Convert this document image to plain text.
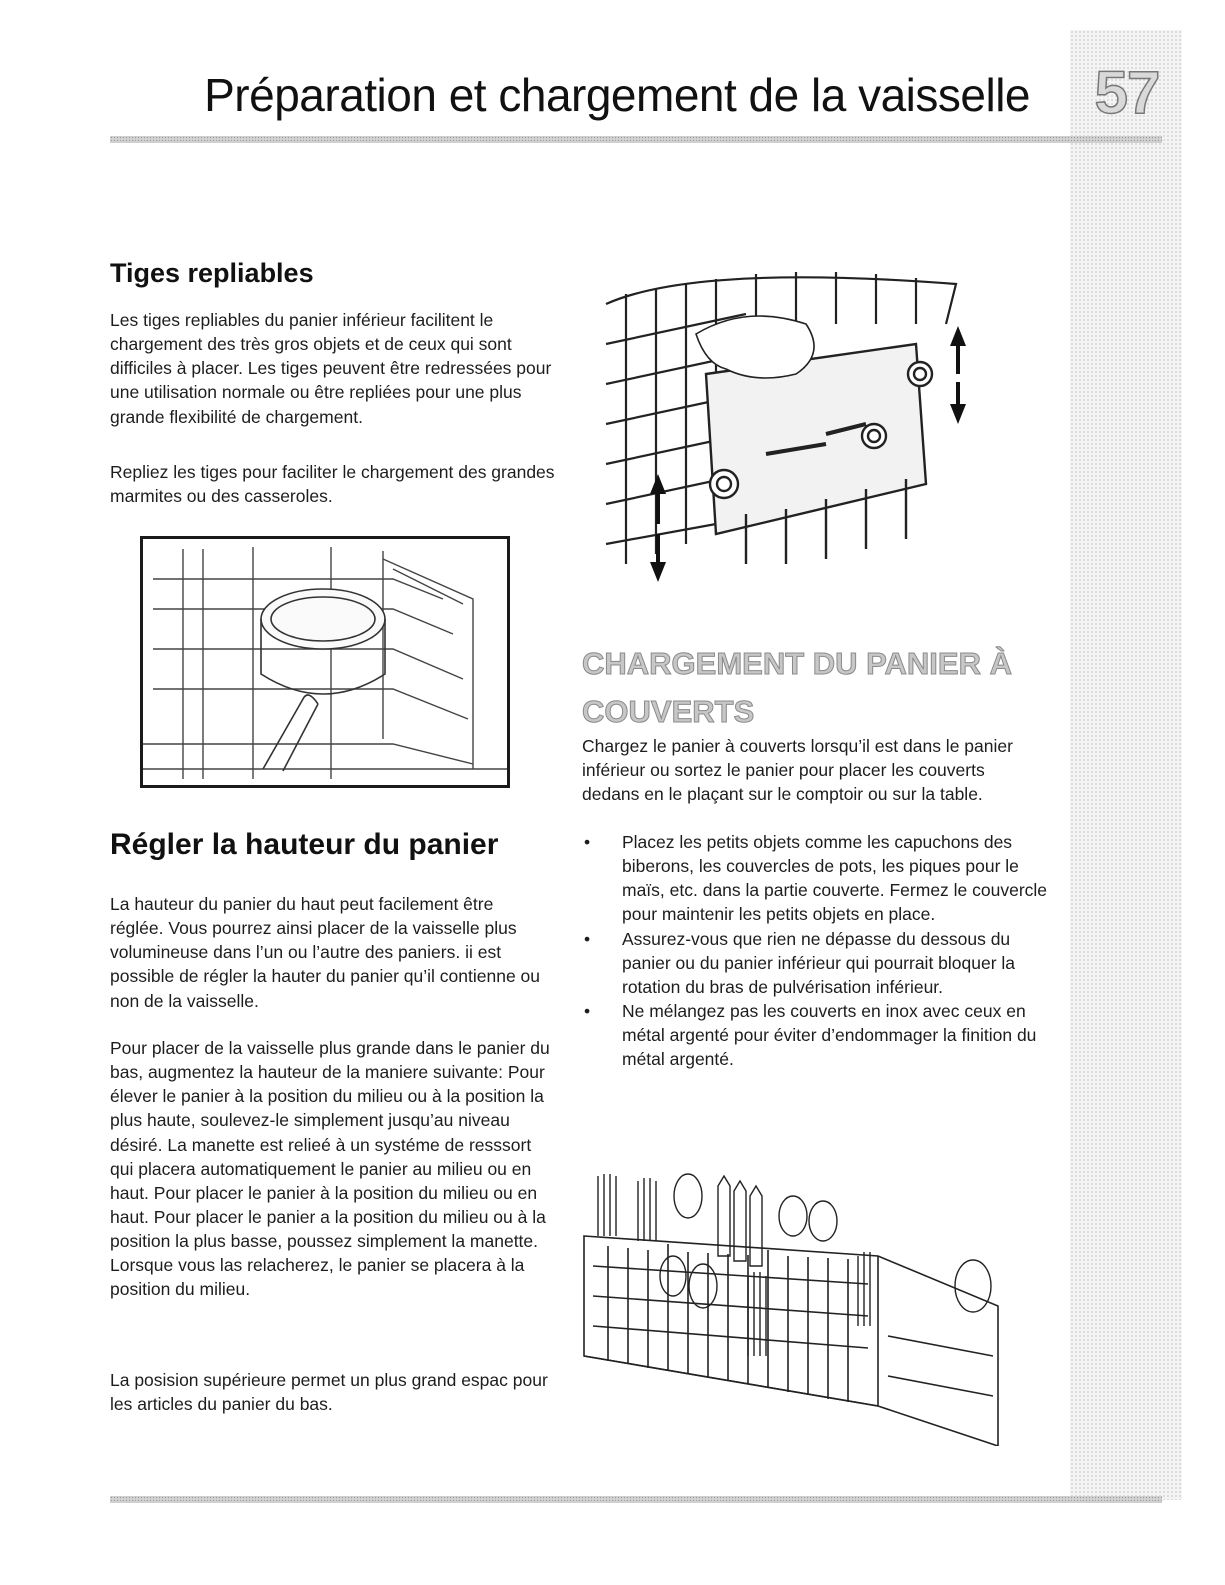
57
Préparation et chargement de la vaisselle
Tiges repliables

Les tiges repliables du panier inférieur facilitent le chargement des très gros objets et de ceux qui sont difficiles à placer. Les tiges peuvent être redressées pour une utilisation normale ou être repliées pour une plus grande flexibilité de chargement.

Repliez les tiges pour faciliter le chargement des grandes marmites ou des casseroles.

Régler la hauteur du panier

La hauteur du panier du haut peut facilement être réglée. Vous pourrez ainsi placer de la vaisselle plus volumineuse dans l’un ou l’autre des paniers. ii est possible de régler la hauter du panier qu’il contienne ou non de la vaisselle.

Pour placer de la vaisselle plus grande dans le panier du bas, augmentez la hauteur de la maniere suivante: Pour élever le panier à la position du milieu ou à la position la plus haute, soulevez-le simplement jusqu’au niveau désiré. La manette est relieé à un systéme de resssort qui placera automatiquement le panier au milieu ou en haut. Pour placer le panier à la position du milieu ou en haut. Pour placer le panier a la position du milieu ou à la position la plus basse, poussez simplement la manette. Lorsque vous las relacherez, le panier se placera à la position du milieu.

La posision supérieure permet un plus grand espac pour les articles du panier du bas.

CHARGEMENT DU PANIER À COUVERTS

Chargez le panier à couverts lorsqu’il est dans le panier inférieur ou sortez le panier pour placer les couverts dedans en le plaçant sur le comptoir ou sur la table.

• Placez les petits objets comme les capuchons des biberons, les couvercles de pots, les piques pour le maïs, etc. dans la partie couverte. Fermez le couvercle pour maintenir les petits objets en place.
• Assurez-vous que rien ne dépasse du dessous du panier ou du panier inférieur qui pourrait bloquer la rotation du bras de pulvérisation inférieur.
• Ne mélangez pas les couverts en inox avec ceux en métal argenté pour éviter d’endommager la finition du métal argenté.
